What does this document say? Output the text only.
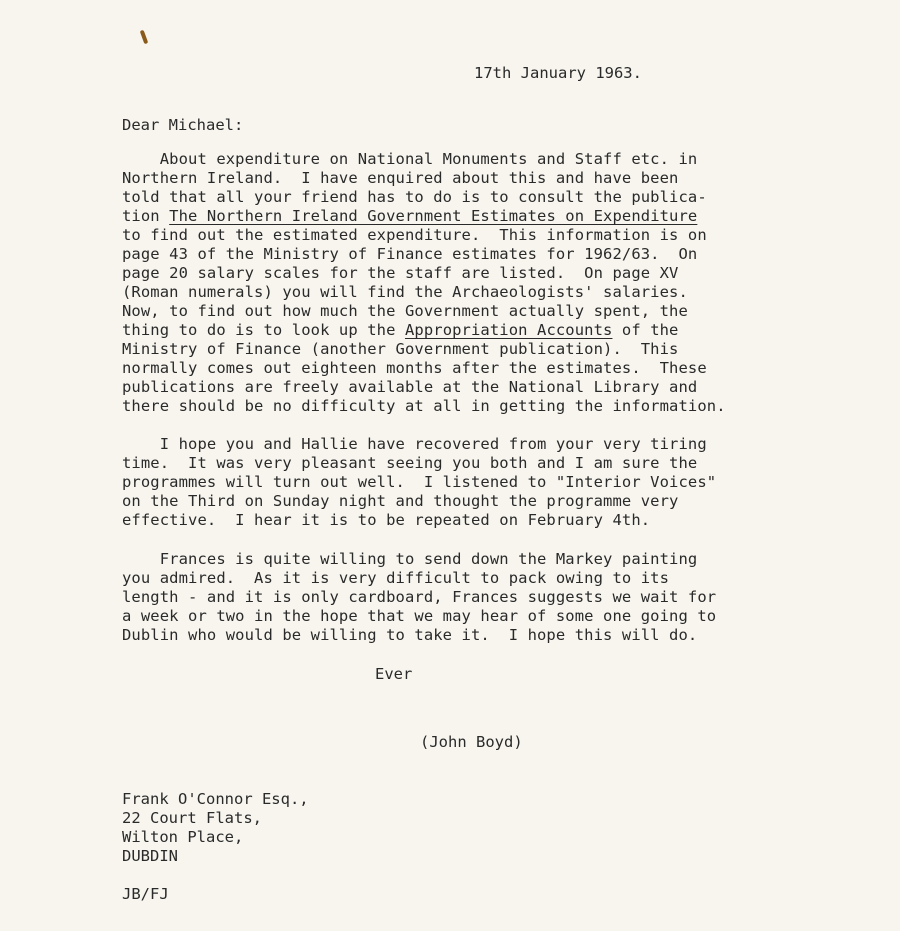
17th January 1963.
Dear Michael:
About expenditure on National Monuments and Staff etc. in
Northern Ireland.  I have enquired about this and have been
told that all your friend has to do is to consult the publica-
tion The Northern Ireland Government Estimates on Expenditure
to find out the estimated expenditure.  This information is on
page 43 of the Ministry of Finance estimates for 1962/63.  On
page 20 salary scales for the staff are listed.  On page XV
(Roman numerals) you will find the Archaeologists' salaries.
Now, to find out how much the Government actually spent, the
thing to do is to look up the Appropriation Accounts of the
Ministry of Finance (another Government publication).  This
normally comes out eighteen months after the estimates.  These
publications are freely available at the National Library and
there should be no difficulty at all in getting the information.
I hope you and Hallie have recovered from your very tiring
time.  It was very pleasant seeing you both and I am sure the
programmes will turn out well.  I listened to "Interior Voices"
on the Third on Sunday night and thought the programme very
effective.  I hear it is to be repeated on February 4th.
Frances is quite willing to send down the Markey painting
you admired.  As it is very difficult to pack owing to its
length - and it is only cardboard, Frances suggests we wait for
a week or two in the hope that we may hear of some one going to
Dublin who would be willing to take it.  I hope this will do.
Ever
(John Boyd)
Frank O'Connor Esq.,
22 Court Flats,
Wilton Place,
DUBDIN
JB/FJ
